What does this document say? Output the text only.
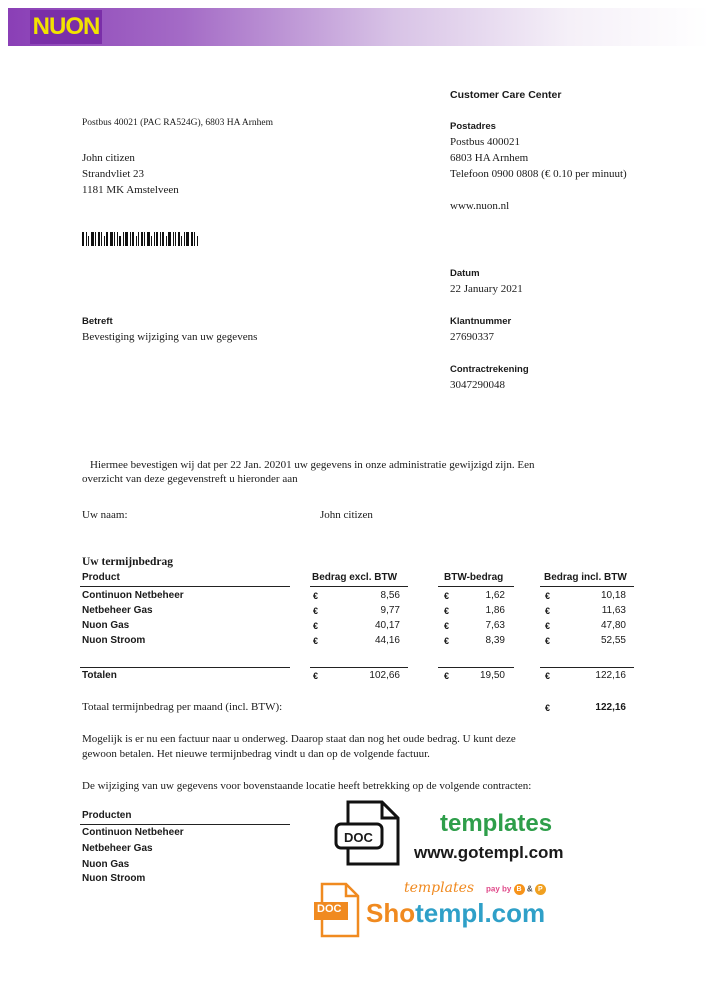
NUON
Postbus 40021 (PAC RA524G), 6803 HA Arnhem
John citizen
Strandvliet 23
1181 MK Amstelveen
Customer Care Center
Postadres
Postbus 400021
6803 HA Arnhem
Telefoon 0900 0808 (€ 0.10 per minuut)
www.nuon.nl
Datum
22 January 2021
Klantnummer
27690337
Contractrekening
3047290048
Betreft
Bevestiging wijziging van uw gegevens
Hiermee bevestigen wij dat per 22 Jan. 20201 uw gegevens in onze administratie gewijzigd zijn. Een
overzicht van deze gegevenstreft u hieronder aan
Uw naam:	John citizen
Uw termijnbedrag
Product	Bedrag excl. BTW	BTW-bedrag	Bedrag incl. BTW
Continuon Netbeheer	€	8,56	€	1,62	€	10,18
Netbeheer Gas	€	9,77	€	1,86	€	11,63
Nuon Gas	€	40,17	€	7,63	€	47,80
Nuon Stroom	€	44,16	€	8,39	€	52,55
Totalen	€	102,66	€	19,50	€	122,16
Totaal termijnbedrag per maand (incl. BTW):	€	122,16
Mogelijk is er nu een factuur naar u onderweg. Daarop staat dan nog het oude bedrag. U kunt deze
gewoon betalen. Het nieuwe termijnbedrag vindt u dan op de volgende factuur.
De wijziging van uw gegevens voor bovenstaande locatie heeft betrekking op de volgende contracten:
Producten
Continuon Netbeheer
Netbeheer Gas
Nuon Gas
Nuon Stroom
DOC
templates
www.gotempl.com
DOC
templates pay by B & P
Shotempl.com
